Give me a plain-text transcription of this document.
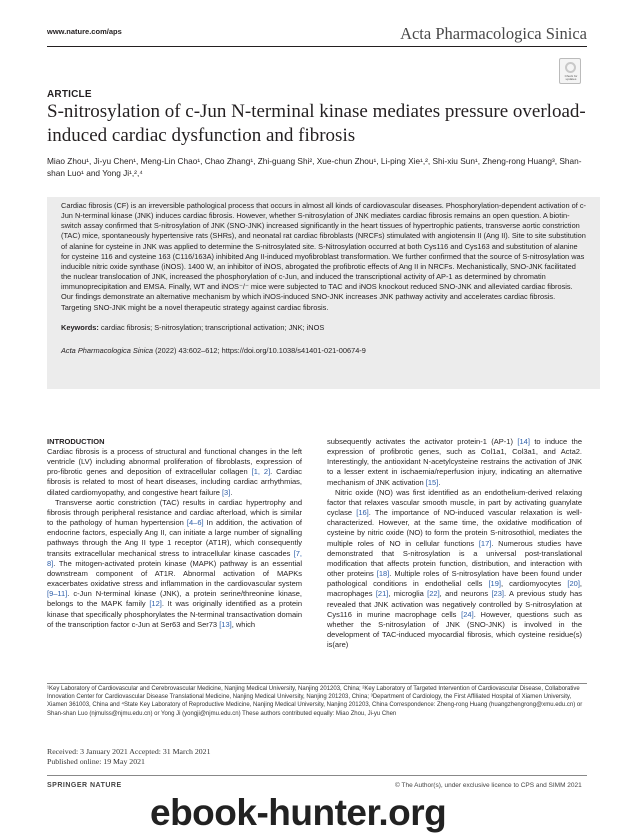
www.nature.com/aps	Acta Pharmacologica Sinica
Check for updates
ARTICLE
S-nitrosylation of c-Jun N-terminal kinase mediates pressure overload-induced cardiac dysfunction and fibrosis
Miao Zhou¹, Ji-yu Chen¹, Meng-Lin Chao¹, Chao Zhang¹, Zhi-guang Shi², Xue-chun Zhou¹, Li-ping Xie¹,², Shi-xiu Sun¹, Zheng-rong Huang³, Shan-shan Luo¹ and Yong Ji¹,²,⁴

Cardiac fibrosis (CF) is an irreversible pathological process that occurs in almost all kinds of cardiovascular diseases. Phosphorylation-dependent activation of c-Jun N-terminal kinase (JNK) induces cardiac fibrosis. However, whether S-nitrosylation of JNK mediates cardiac fibrosis remains an open question. A biotin-switch assay confirmed that S-nitrosylation of JNK (SNO-JNK) increased significantly in the heart tissues of hypertrophic patients, transverse aortic constriction (TAC) mice, spontaneously hypertensive rats (SHRs), and neonatal rat cardiac fibroblasts (NRCFs) stimulated with angiotensin II (Ang II). Site to site substitution of alanine for cysteine in JNK was applied to determine the S-nitrosylated site. S-Nitrosylation occurred at both Cys116 and Cys163 and substitution of alanine for cysteine 116 and cysteine 163 (C116/163A) inhibited Ang II-induced myofibroblast transformation. We further confirmed that the source of S-nitrosylation was inducible nitric oxide synthase (iNOS). 1400 W, an inhibitor of iNOS, abrogated the profibrotic effects of Ang II in NRCFs. Mechanistically, SNO-JNK facilitated the nuclear translocation of JNK, increased the phosphorylation of c-Jun, and induced the transcriptional activity of AP-1 as determined by chromatin immunoprecipitation and EMSA. Finally, WT and iNOS⁻/⁻ mice were subjected to TAC and iNOS knockout reduced SNO-JNK and alleviated cardiac fibrosis. Our findings demonstrate an alternative mechanism by which iNOS-induced SNO-JNK increases JNK pathway activity and accelerates cardiac fibrosis. Targeting SNO-JNK might be a novel therapeutic strategy against cardiac fibrosis.

Keywords: cardiac fibrosis; S-nitrosylation; transcriptional activation; JNK; iNOS
Acta Pharmacologica Sinica (2022) 43:602–612; https://doi.org/10.1038/s41401-021-00674-9
INTRODUCTION

Cardiac fibrosis is a process of structural and functional changes in the left ventricle (LV) including abnormal proliferation of fibroblasts, expression of pro-fibrotic genes and deposition of extracellular collagen [1, 2]. Cardiac fibrosis is related to most of heart diseases, including cardiac arrhythmias, dilated cardiomyopathy, and congestive heart failure [3].

Transverse aortic constriction (TAC) results in cardiac hypertrophy and fibrosis through peripheral resistance and cardiac afterload, which is similar to the pathology of human hypertension [4–6] In addition, the activation of endocrine factors, especially Ang II, can initiate a large number of signalling pathways through the Ang II type 1 receptor (AT1R), which consequently transits extracellular mechanical stress to intracellular kinase cascades [7, 8]. The mitogen-activated protein kinase (MAPK) pathway is an essential downstream component of AT1R. Abnormal activation of MAPKs exacerbates oxidative stress and inflammation in the cardiovascular system [9–11]. c-Jun N-terminal kinase (JNK), a protein serine/threonine kinase, belongs to the MAPK family [12]. It was originally identified as a protein kinase that specifically phosphorylates the N-terminal transactivation domain of the transcription factor c-Jun at Ser63 and Ser73 [13], which

subsequently activates the activator protein-1 (AP-1) [14] to induce the expression of profibrotic genes, such as Col1a1, Col3a1, and Acta2. Interestingly, the antioxidant N-acetylcysteine restrains the activation of JNK to a lesser extent in ischaemia/reperfusion injury, indicating an alternative mechanism of JNK activation [15].

Nitric oxide (NO) was first identified as an endothelium-derived relaxing factor that relaxes vascular smooth muscle, in part by activating guanylate cyclase [16]. The importance of NO-induced vascular relaxation is well-characterized. However, at the same time, the oxidative modification of cysteine by nitric oxide (NO) to form the protein S-nitrosothiol, mediates the multiple roles of NO in cellular functions [17]. Numerous studies have demonstrated that S-nitrosylation is a universal post-translational modification that affects protein function, distribution, and interaction with other proteins [18]. Multiple roles of S-nitrosylation have been found under pathological conditions in endothelial cells [19], cardiomyocytes [20], macrophages [21], microglia [22], and neurons [23]. A previous study has revealed that JNK activation was negatively controlled by S-nitrosylation at Cys116 in murine macrophage cells [24]. However, questions such as whether the S-nitrosylation of JNK (SNO-JNK) is involved in the development of TAC-induced myocardial fibrosis, which cysteine residue(s) is(are)

¹Key Laboratory of Cardiovascular and Cerebrovascular Medicine, Nanjing Medical University, Nanjing 201203, China; ²Key Laboratory of Targeted Intervention of Cardiovascular Disease, Collaborative Innovation Center for Cardiovascular Disease Translational Medicine, Nanjing Medical University, Nanjing 201203, China; ³Department of Cardiology, the First Affiliated Hospital of Xiamen University, Xiamen 361003, China and ⁴State Key Laboratory of Reproductive Medicine, Nanjing Medical University, Nanjing 201203, China Correspondence: Zheng-rong Huang (huangzhengrong@xmu.edu.cn) or Shan-shan Luo (njmulss@njmu.edu.cn) or Yong Ji (yongji@njmu.edu.cn) These authors contributed equally: Miao Zhou, Ji-yu Chen
Received: 3 January 2021 Accepted: 31 March 2021
Published online: 19 May 2021
SPRINGER NATURE	© The Author(s), under exclusive licence to CPS and SIMM 2021
ebook-hunter.org
